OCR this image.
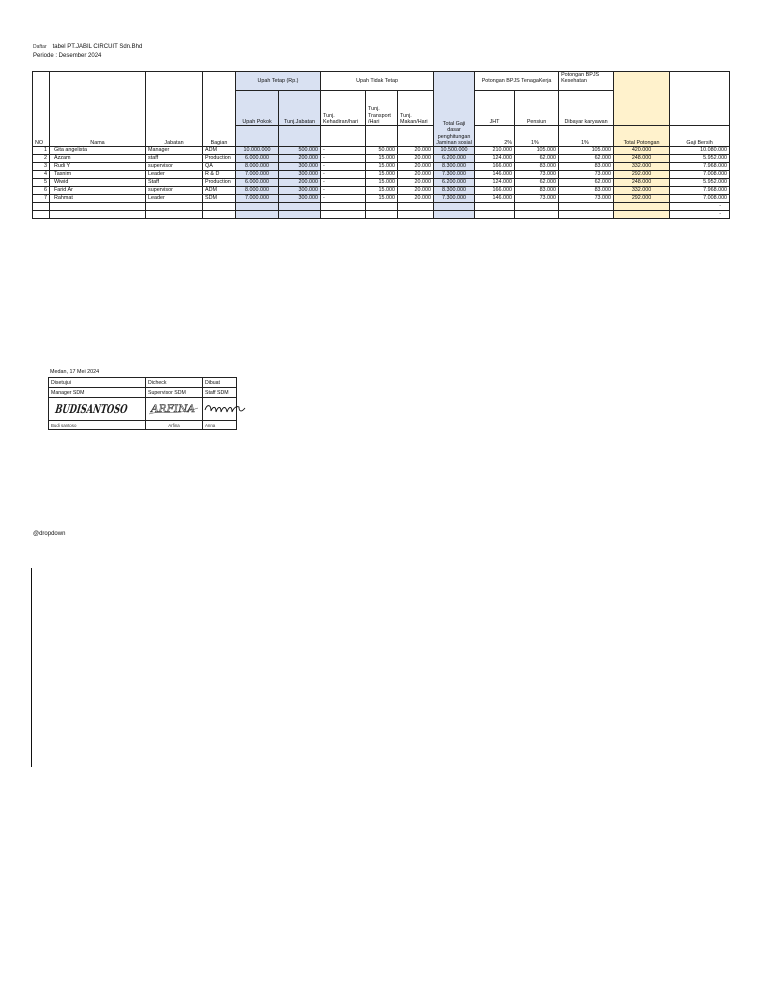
Daftar tabel PT.JABIL CIRCUIT Sdn.Bhd
Periode : Desember 2024
NO	Nama	Jabatan	Bagian	Upah Tetap (Rp.)		Upah Tidak Tetap			Total Gaji dasar penghitungan Jaminan sosial	Potongan BPJS TenagaKerja		Potongan BPJS Kesehatan		
				Upah Pokok	Tunj.Jabatan	Tunj. Kehadiran/hari	Tunj. Transport /Hari	Tunj. Makan/Hari		JHT	Pensiun	Dibayar karyawan		
										2%	1%	1%	Total Potongan	Gaji Bersih
1	Gita angelista	Manager	ADM	10.000.000	500.000	-	50.000	20.000	10.500.000	210.000	105.000	105.000	420.000	10.080.000
2	Azzam	staff	Production	6.000.000	200.000	-	15.000	20.000	6.200.000	124.000	62.000	62.000	248.000	5.952.000
3	Rudi Y	supervisor	QA	8.000.000	300.000	-	15.000	20.000	8.300.000	166.000	83.000	83.000	332.000	7.968.000
4	Tasnim	Leader	R & D	7.000.000	300.000	-	15.000	20.000	7.300.000	146.000	73.000	73.000	292.000	7.008.000
5	Wiwid	Staff	Production	6.000.000	200.000	-	15.000	20.000	6.200.000	124.000	62.000	62.000	248.000	5.952.000
6	Farid Ar	supervisor	ADM	8.000.000	300.000	-	15.000	20.000	8.300.000	166.000	83.000	83.000	332.000	7.968.000
7	Rahmat	Leader	SDM	7.000.000	300.000	-	15.000	20.000	7.300.000	146.000	73.000	73.000	292.000	7.008.000
														-
														-
Medan, 17 Mei 2024
Disetujui	Dicheck	Dibuat
Manager SDM	Supervisor SDM	Staff SDM

BUDISANTOSO	ARFINA

Budi santoso	Arfina	Anna
@dropdown
